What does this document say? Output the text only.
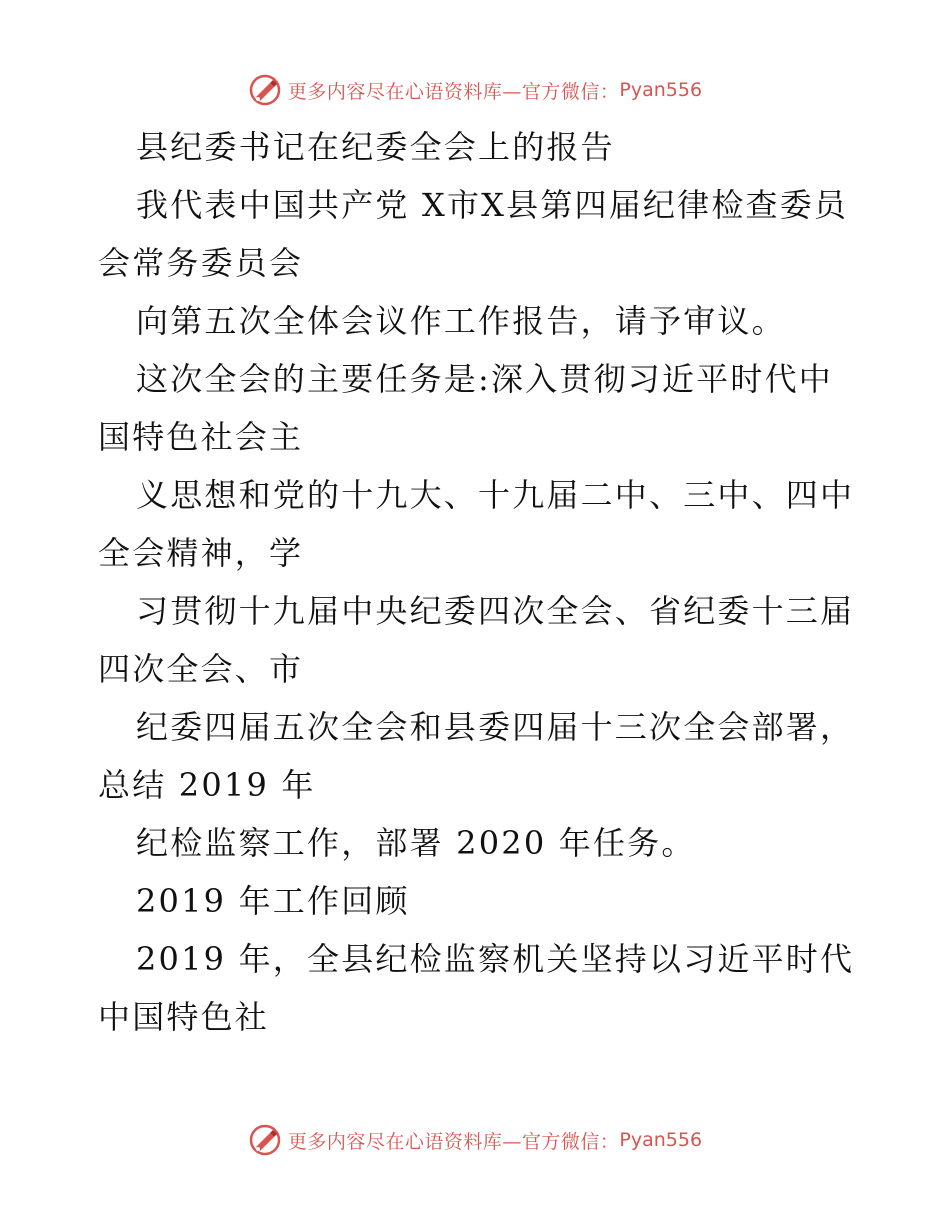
更多内容尽在心语资料库—官方微信： Pyan556
县纪委书记在纪委全会上的报告
我代表中国共产党 X市X县第四届纪律检查委员
会常务委员会
向第五次全体会议作工作报告，请予审议。
这次全会的主要任务是:深入贯彻习近平时代中
国特色社会主
义思想和党的十九大、十九届二中、三中、四中
全会精神，学
习贯彻十九届中央纪委四次全会、省纪委十三届
四次全会、市
纪委四届五次全会和县委四届十三次全会部署，
总结 2019 年
纪检监察工作，部署 2020 年任务。
2019 年工作回顾
2019 年，全县纪检监察机关坚持以习近平时代
中国特色社
更多内容尽在心语资料库—官方微信： Pyan556
